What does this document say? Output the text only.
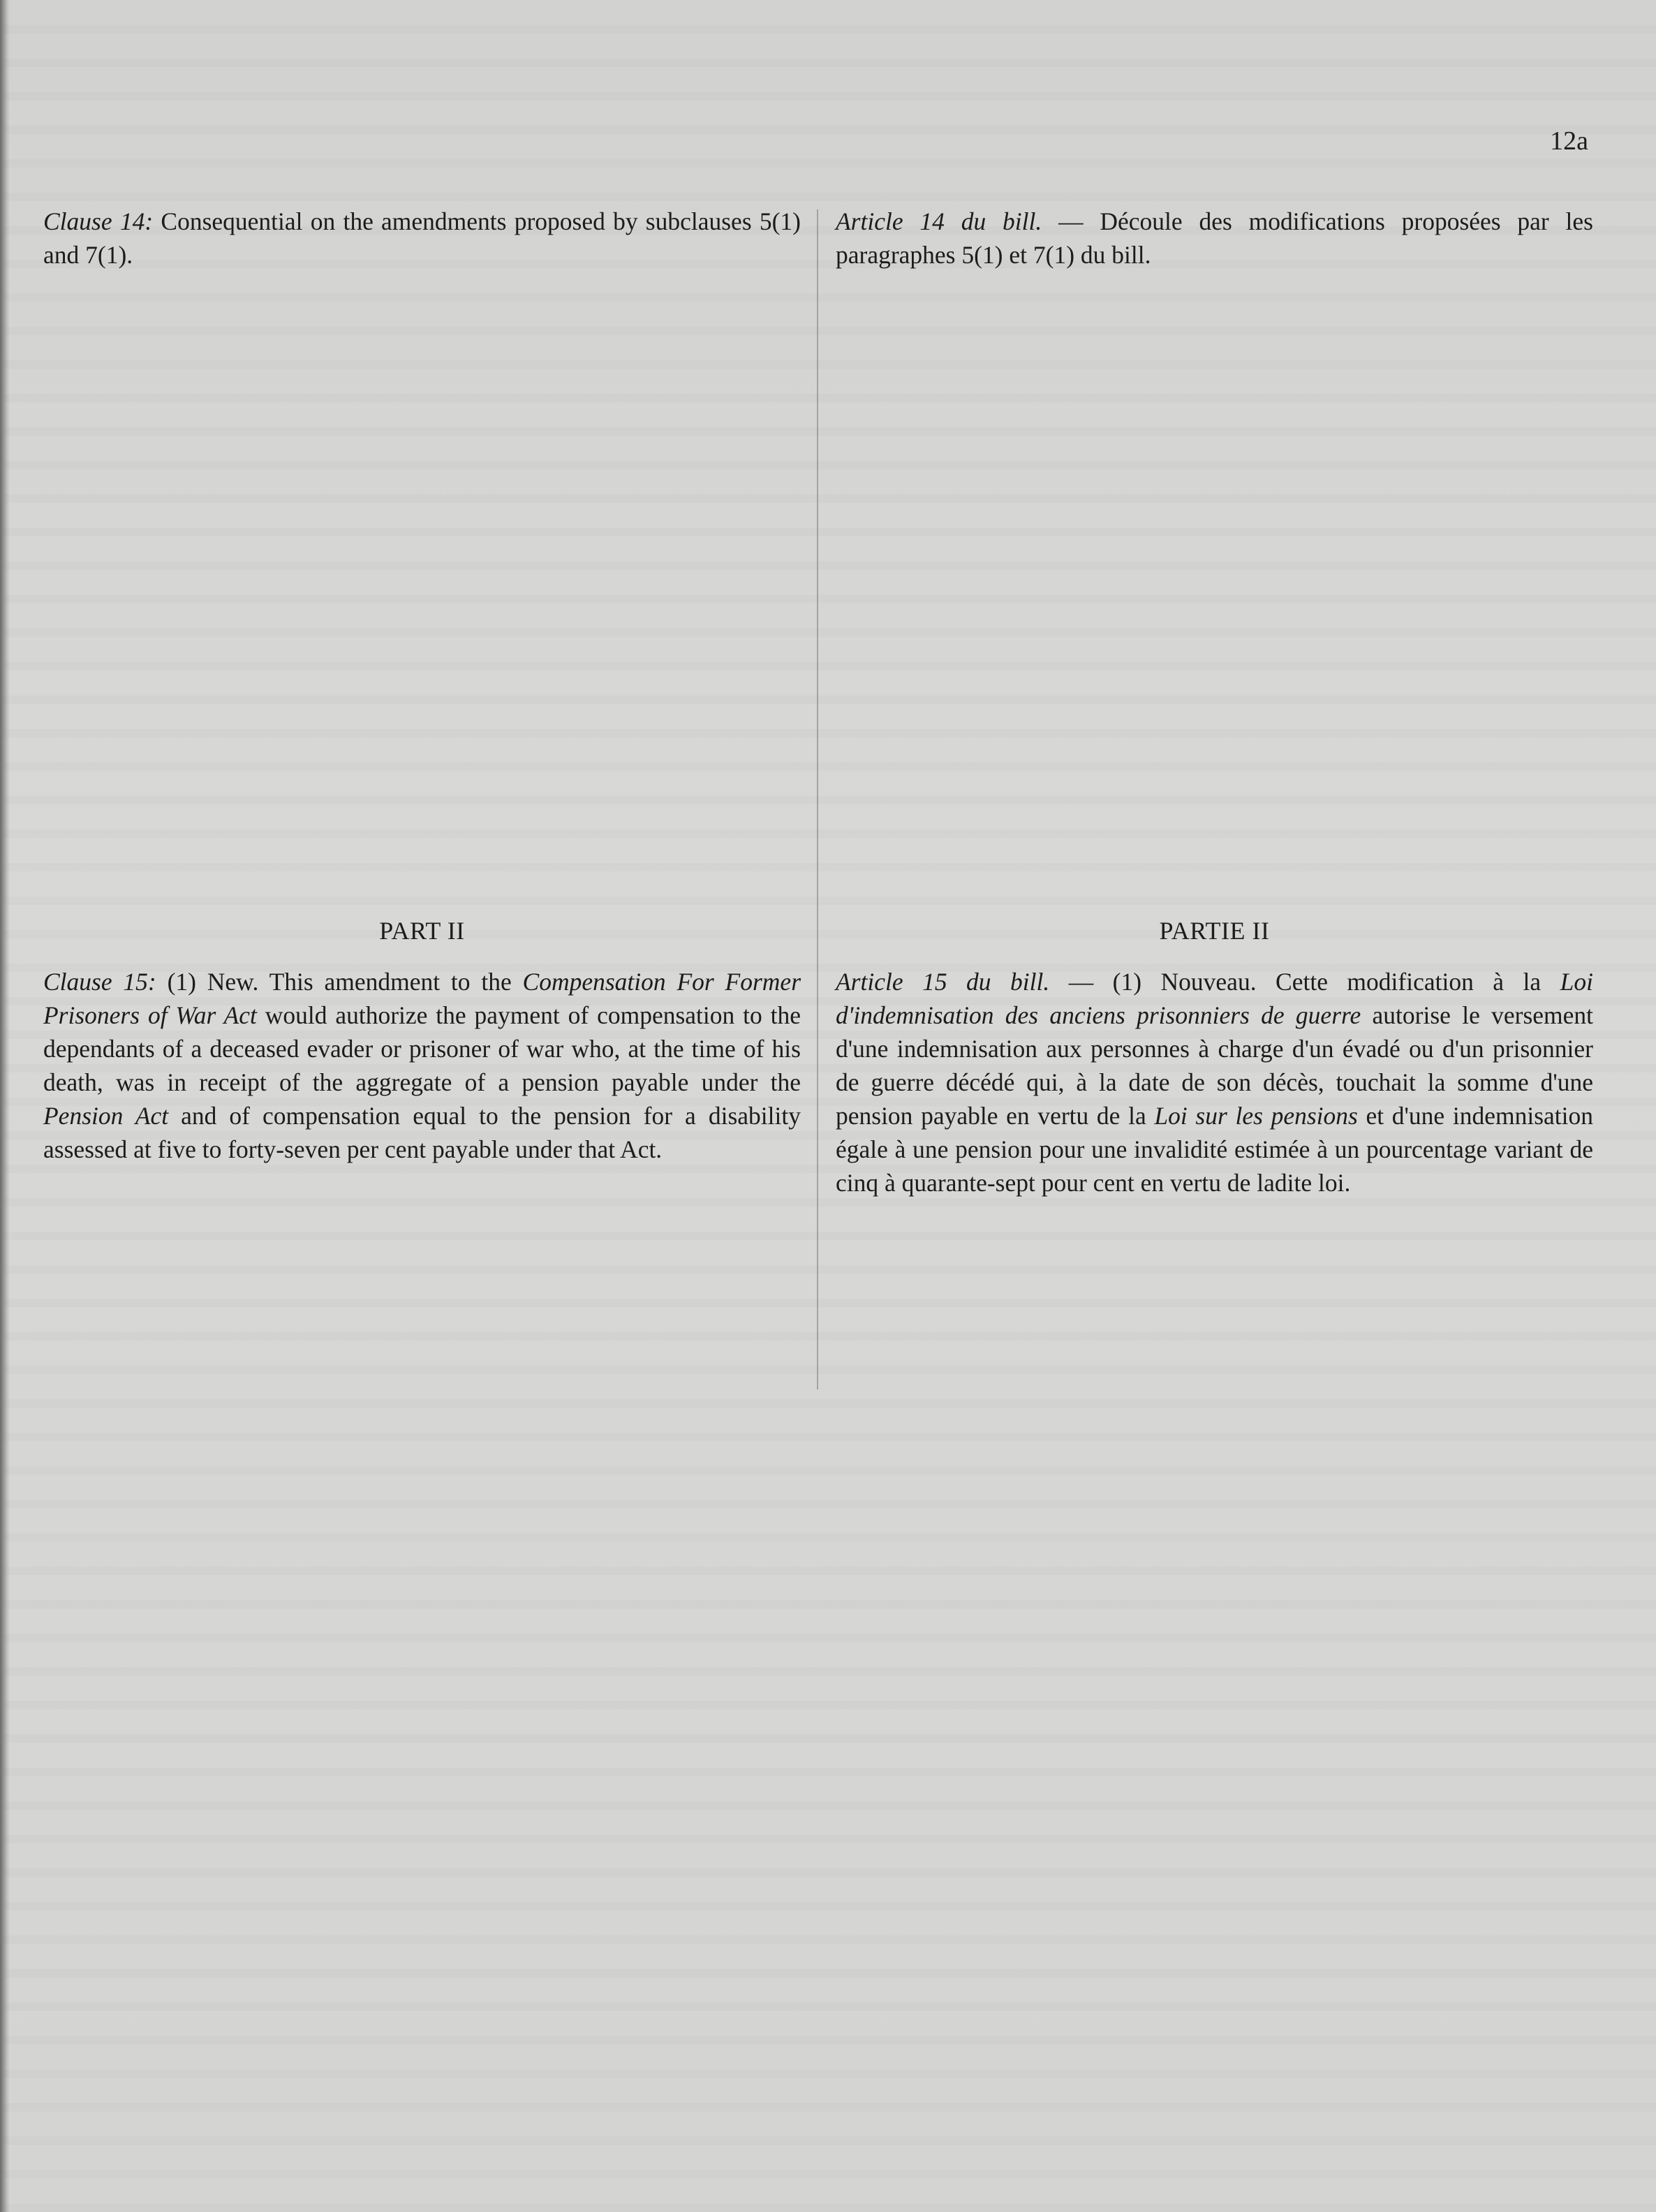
12a

Clause 14: Consequential on the amendments proposed by subclauses 5(1) and 7(1).

PART II

Clause 15: (1) New. This amendment to the Compensation For Former Prisoners of War Act would authorize the payment of compensation to the dependants of a deceased evader or prisoner of war who, at the time of his death, was in receipt of the aggregate of a pension payable under the Pension Act and of compensation equal to the pension for a disability assessed at five to forty-seven per cent payable under that Act.

Article 14 du bill. — Découle des modifications proposées par les paragraphes 5(1) et 7(1) du bill.

PARTIE II

Article 15 du bill. — (1) Nouveau. Cette modification à la Loi d'indemnisation des anciens prisonniers de guerre autorise le versement d'une indemnisation aux personnes à charge d'un évadé ou d'un prisonnier de guerre décédé qui, à la date de son décès, touchait la somme d'une pension payable en vertu de la Loi sur les pensions et d'une indemnisation égale à une pension pour une invalidité estimée à un pourcentage variant de cinq à quarante-sept pour cent en vertu de ladite loi.
